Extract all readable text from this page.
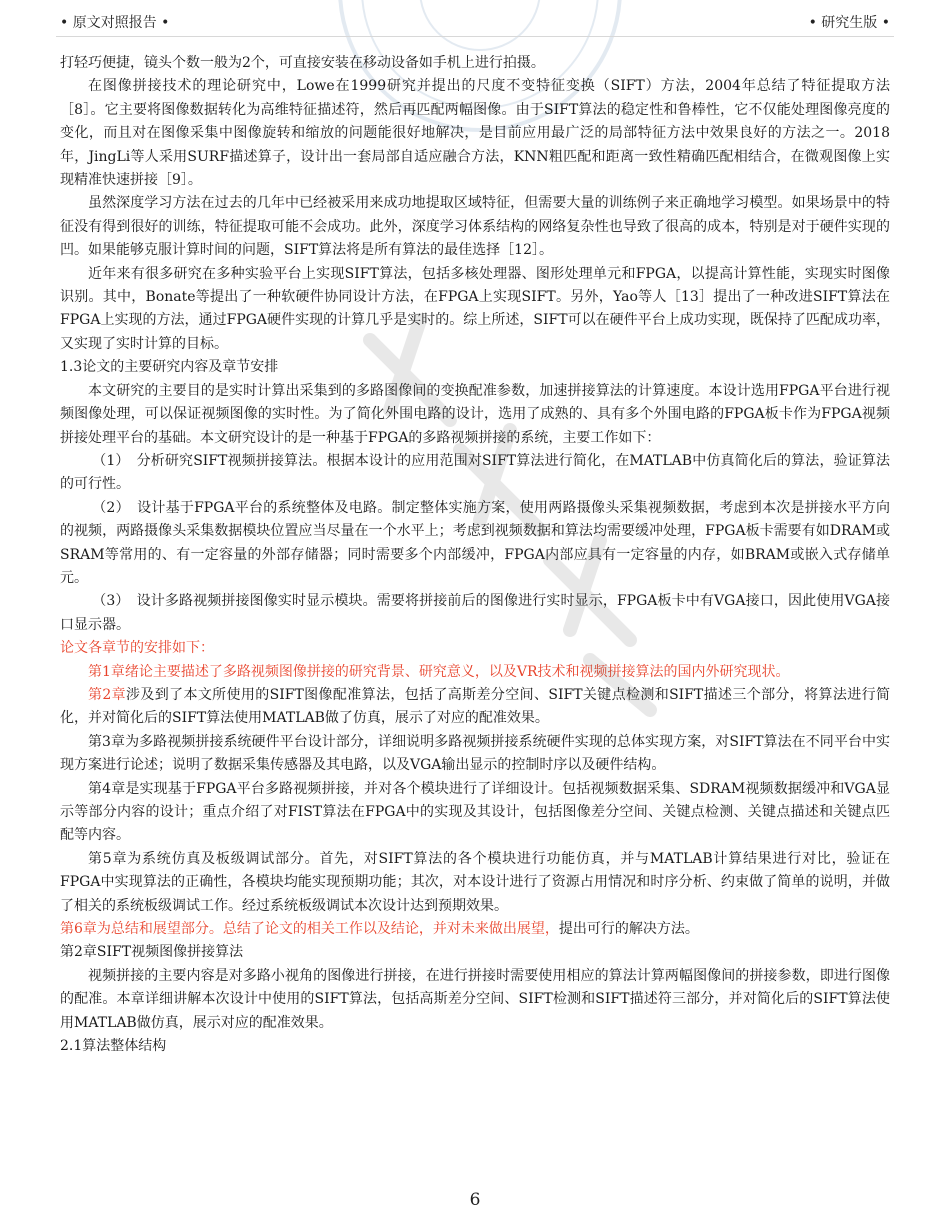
• 原文对照报告 •	• 研究生版 •

打轻巧便捷，镜头个数一般为2个，可直接安装在移动设备如手机上进行拍摄。

在图像拼接技术的理论研究中，Lowe在1999研究并提出的尺度不变特征变换（SIFT）方法，2004年总结了特征提取方法［8］。它主要将图像数据转化为高维特征描述符，然后再匹配两幅图像。由于SIFT算法的稳定性和鲁棒性，它不仅能处理图像亮度的变化，而且对在图像采集中图像旋转和缩放的问题能很好地解决，是目前应用最广泛的局部特征方法中效果良好的方法之一。2018年，JingLi等人采用SURF描述算子，设计出一套局部自适应融合方法，KNN粗匹配和距离一致性精确匹配相结合，在微观图像上实现精准快速拼接［9］。

虽然深度学习方法在过去的几年中已经被采用来成功地提取区域特征，但需要大量的训练例子来正确地学习模型。如果场景中的特征没有得到很好的训练，特征提取可能不会成功。此外，深度学习体系结构的网络复杂性也导致了很高的成本，特别是对于硬件实现的凹。如果能够克服计算时间的问题，SIFT算法将是所有算法的最佳选择［12］。

近年来有很多研究在多种实验平台上实现SIFT算法，包括多核处理器、图形处理单元和FPGA，以提高计算性能，实现实时图像识别。其中，Bonate等提出了一种软硬件协同设计方法，在FPGA上实现SIFT。另外，Yao等人［13］提出了一种改进SIFT算法在FPGA上实现的方法，通过FPGA硬件实现的计算几乎是实时的。综上所述，SIFT可以在硬件平台上成功实现，既保持了匹配成功率，又实现了实时计算的目标。

1.3论文的主要研究内容及章节安排

本文研究的主要目的是实时计算出采集到的多路图像间的变换配准参数，加速拼接算法的计算速度。本设计选用FPGA平台进行视频图像处理，可以保证视频图像的实时性。为了简化外围电路的设计，选用了成熟的、具有多个外围电路的FPGA板卡作为FPGA视频拼接处理平台的基础。本文研究设计的是一种基于FPGA的多路视频拼接的系统，主要工作如下：

（1）　分析研究SIFT视频拼接算法。根据本设计的应用范围对SIFT算法进行简化，在MATLAB中仿真简化后的算法，验证算法的可行性。

（2）　设计基于FPGA平台的系统整体及电路。制定整体实施方案，使用两路摄像头采集视频数据，考虑到本次是拼接水平方向的视频，两路摄像头采集数据模块位置应当尽量在一个水平上；考虑到视频数据和算法均需要缓冲处理，FPGA板卡需要有如DRAM或SRAM等常用的、有一定容量的外部存储器；同时需要多个内部缓冲，FPGA内部应具有一定容量的内存，如BRAM或嵌入式存储单元。

（3）　设计多路视频拼接图像实时显示模块。需要将拼接前后的图像进行实时显示，FPGA板卡中有VGA接口，因此使用VGA接口显示器。

论文各章节的安排如下：

第1章绪论主要描述了多路视频图像拼接的研究背景、研究意义，以及VR技术和视频拼接算法的国内外研究现状。

第2章涉及到了本文所使用的SIFT图像配准算法，包括了高斯差分空间、SIFT关键点检测和SIFT描述三个部分，将算法进行简化，并对简化后的SIFT算法使用MATLAB做了仿真，展示了对应的配准效果。

第3章为多路视频拼接系统硬件平台设计部分，详细说明多路视频拼接系统硬件实现的总体实现方案，对SIFT算法在不同平台中实现方案进行论述；说明了数据采集传感器及其电路，以及VGA输出显示的控制时序以及硬件结构。

第4章是实现基于FPGA平台多路视频拼接，并对各个模块进行了详细设计。包括视频数据采集、SDRAM视频数据缓冲和VGA显示等部分内容的设计；重点介绍了对FIST算法在FPGA中的实现及其设计，包括图像差分空间、关键点检测、关键点描述和关键点匹配等内容。

第5章为系统仿真及板级调试部分。首先，对SIFT算法的各个模块进行功能仿真，并与MATLAB计算结果进行对比，验证在FPGA中实现算法的正确性，各模块均能实现预期功能；其次，对本设计进行了资源占用情况和时序分析、约束做了简单的说明，并做了相关的系统板级调试工作。经过系统板级调试本次设计达到预期效果。

第6章为总结和展望部分。总结了论文的相关工作以及结论，并对未来做出展望，提出可行的解决方法。

第2章SIFT视频图像拼接算法

视频拼接的主要内容是对多路小视角的图像进行拼接，在进行拼接时需要使用相应的算法计算两幅图像间的拼接参数，即进行图像的配准。本章详细讲解本次设计中使用的SIFT算法，包括高斯差分空间、SIFT检测和SIFT描述符三部分，并对简化后的SIFT算法使用MATLAB做仿真，展示对应的配准效果。

2.1算法整体结构

6
